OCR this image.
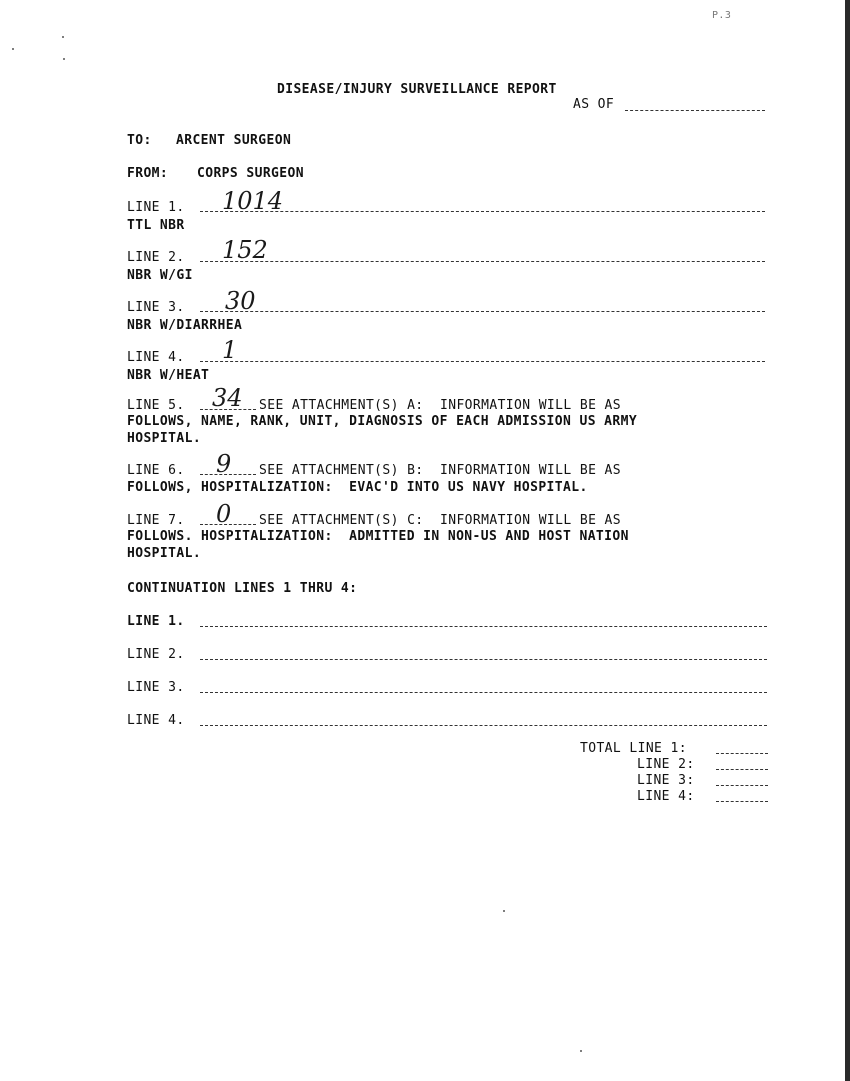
P.3
DISEASE/INJURY SURVEILLANCE REPORT
AS OF
TO: ARCENT SURGEON
FROM: CORPS SURGEON
LINE 1. 1014
TTL NBR
LINE 2. 152
NBR W/GI
LINE 3. 30
NBR W/DIARRHEA
LINE 4. 1
NBR W/HEAT
LINE 5. 34 SEE ATTACHMENT(S) A:  INFORMATION WILL BE AS
FOLLOWS, NAME, RANK, UNIT, DIAGNOSIS OF EACH ADMISSION US ARMY
HOSPITAL.
LINE 6. 9 SEE ATTACHMENT(S) B:  INFORMATION WILL BE AS
FOLLOWS, HOSPITALIZATION:  EVAC'D INTO US NAVY HOSPITAL.
LINE 7. 0 SEE ATTACHMENT(S) C:  INFORMATION WILL BE AS
FOLLOWS. HOSPITALIZATION:  ADMITTED IN NON-US AND HOST NATION
HOSPITAL.
CONTINUATION LINES 1 THRU 4:
LINE 1.
LINE 2.
LINE 3.
LINE 4.
TOTAL LINE 1:
LINE 2:
LINE 3:
LINE 4:
